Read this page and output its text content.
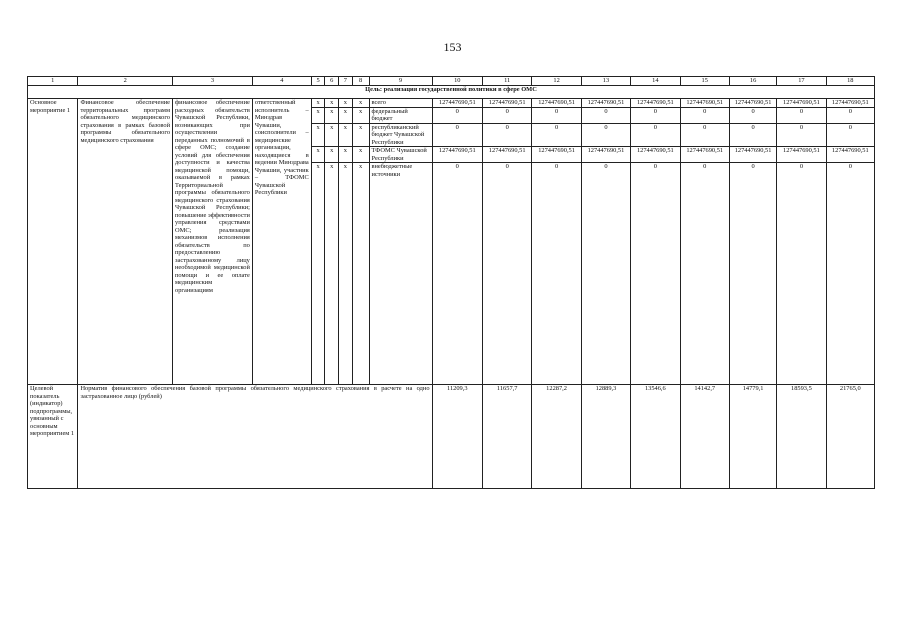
153
1	2	3	4	5	6	7	8	9	10	11	12	13	14	15	16	17	18
Цель: реализация государственной политики в сфере ОМС																	
Основное мероприятие 1	Финансовое обеспечение территориальных программ обязательного медицинского страхования в рамках базовой программы обязательного медицинского страхования	финансовое обеспечение расходных обязательств Чувашской Республики, возникающих при осуществлении переданных полномочий в сфере ОМС; создание условий для обеспечения доступности и качества медицинской помощи, оказываемой в рамках Территориальной программы обязательного медицинского страхования Чувашской Республики; повышение эффективности управления средствами ОМС; реализация механизмов исполнения обязательств по предоставлению застрахованному лицу необходимой медицинской помощи и ее оплате медицинским организациям	ответственный исполнитель – Минздрав Чувашии, соисполнители – медицинские организации, находящиеся в ведении Минздрава Чувашии, участник – ТФОМС Чувашской Республики	x	x	x	x	всего	127447690,51	127447690,51	127447690,51	127447690,51	127447690,51	127447690,51	127447690,51	127447690,51	127447690,51
				x	x	x	x	федеральный бюджет	0	0	0	0	0	0	0	0	0
				x	x	x	x	республиканский бюджет Чувашской Республики	0	0	0	0	0	0	0	0	0
				x	x	x	x	ТФОМС Чувашской Республики	127447690,51	127447690,51	127447690,51	127447690,51	127447690,51	127447690,51	127447690,51	127447690,51	127447690,51
				x	x	x	x	внебюджетные источники	0	0	0	0	0	0	0	0	0
Целевой показатель (индикатор) подпрограммы, увязанный с основным мероприятием 1	Норматив финансового обеспечения базовой программы обязательного медицинского страхования в расчете на одно застрахованное лицо (рублей)								11209,3	11657,7	12287,2	12889,3	13546,6	14142,7	14779,1	18593,5	21765,0
